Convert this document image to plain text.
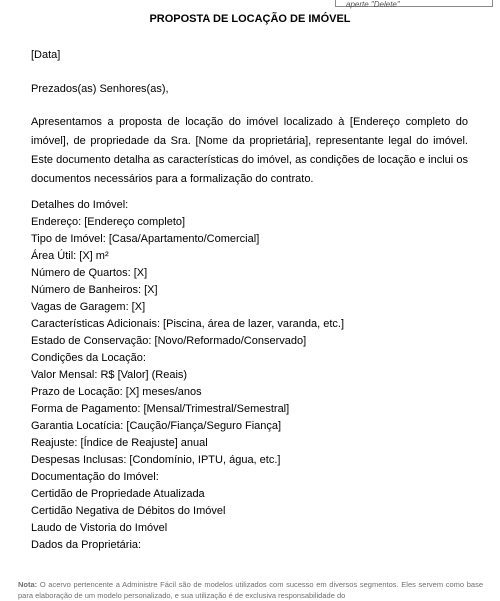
aperte "Delete"
PROPOSTA DE LOCAÇÃO DE IMÓVEL
[Data]
Prezados(as) Senhores(as),
Apresentamos a proposta de locação do imóvel localizado à [Endereço completo do imóvel], de propriedade da Sra. [Nome da proprietária], representante legal do imóvel. Este documento detalha as características do imóvel, as condições de locação e inclui os documentos necessários para a formalização do contrato.
Detalhes do Imóvel:
Endereço: [Endereço completo]
Tipo de Imóvel: [Casa/Apartamento/Comercial]
Área Útil: [X] m²
Número de Quartos: [X]
Número de Banheiros: [X]
Vagas de Garagem: [X]
Características Adicionais: [Piscina, área de lazer, varanda, etc.]
Estado de Conservação: [Novo/Reformado/Conservado]
Condições da Locação:
Valor Mensal: R$ [Valor] (Reais)
Prazo de Locação: [X] meses/anos
Forma de Pagamento: [Mensal/Trimestral/Semestral]
Garantia Locatícia: [Caução/Fiança/Seguro Fiança]
Reajuste: [Índice de Reajuste] anual
Despesas Inclusas: [Condomínio, IPTU, água, etc.]
Documentação do Imóvel:
Certidão de Propriedade Atualizada
Certidão Negativa de Débitos do Imóvel
Laudo de Vistoria do Imóvel
Dados da Proprietária:
Nota: O acervo pertencente a Administre Fácil são de modelos utilizados com sucesso em diversos segmentos. Eles servem como base para elaboração de um modelo personalizado, e sua utilização é de exclusiva responsabilidade do
